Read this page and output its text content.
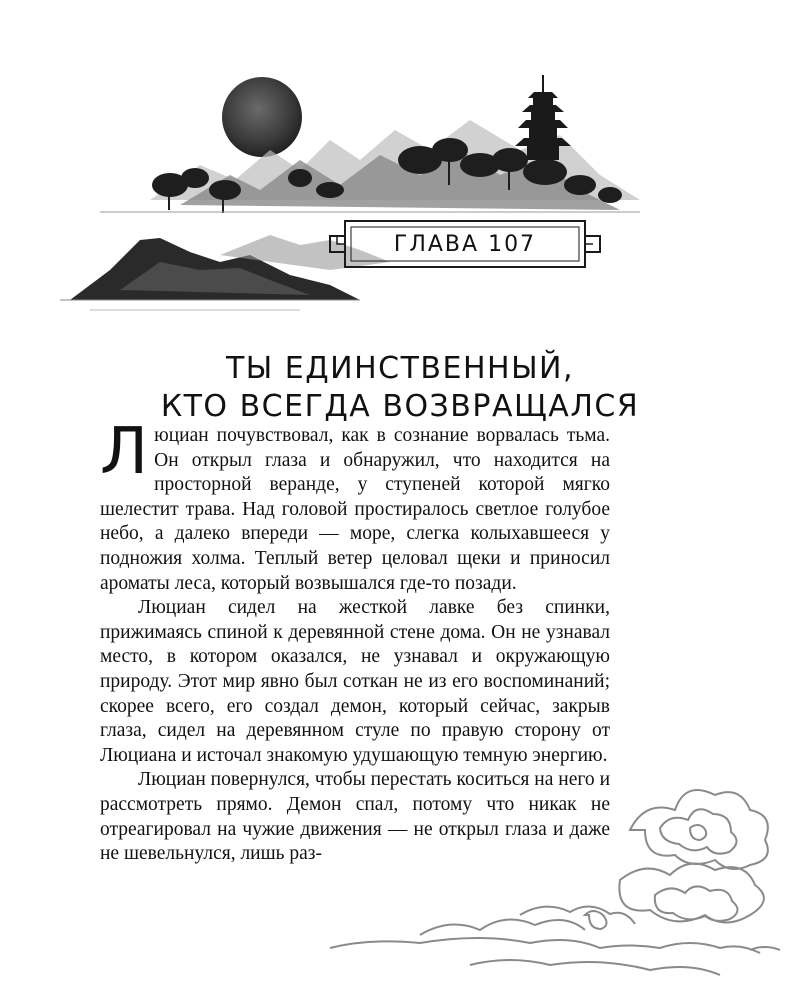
ГЛАВА 107
ТЫ ЕДИНСТВЕННЫЙ,
КТО ВСЕГДА ВОЗВРАЩАЛСЯ

Люциан почувствовал, как в сознание ворвалась тьма. Он открыл глаза и обнаружил, что находится на просторной веранде, у ступеней которой мягко шелестит трава. Над головой простиралось светлое голубое небо, а далеко впереди — море, слегка колыхавшееся у подножия холма. Теплый ветер целовал щеки и приносил ароматы леса, который возвышался где-то позади.

Люциан сидел на жесткой лавке без спинки, прижимаясь спиной к деревянной стене дома. Он не узнавал место, в котором оказался, не узнавал и окружающую природу. Этот мир явно был соткан не из его воспоминаний; скорее всего, его создал демон, который сейчас, закрыв глаза, сидел на деревянном стуле по правую сторону от Люциана и источал знакомую удушающую темную энергию.

Люциан повернулся, чтобы перестать коситься на него и рассмотреть прямо. Демон спал, потому что никак не отреагировал на чужие движения — не открыл глаза и даже не шевельнулся, лишь раз-
